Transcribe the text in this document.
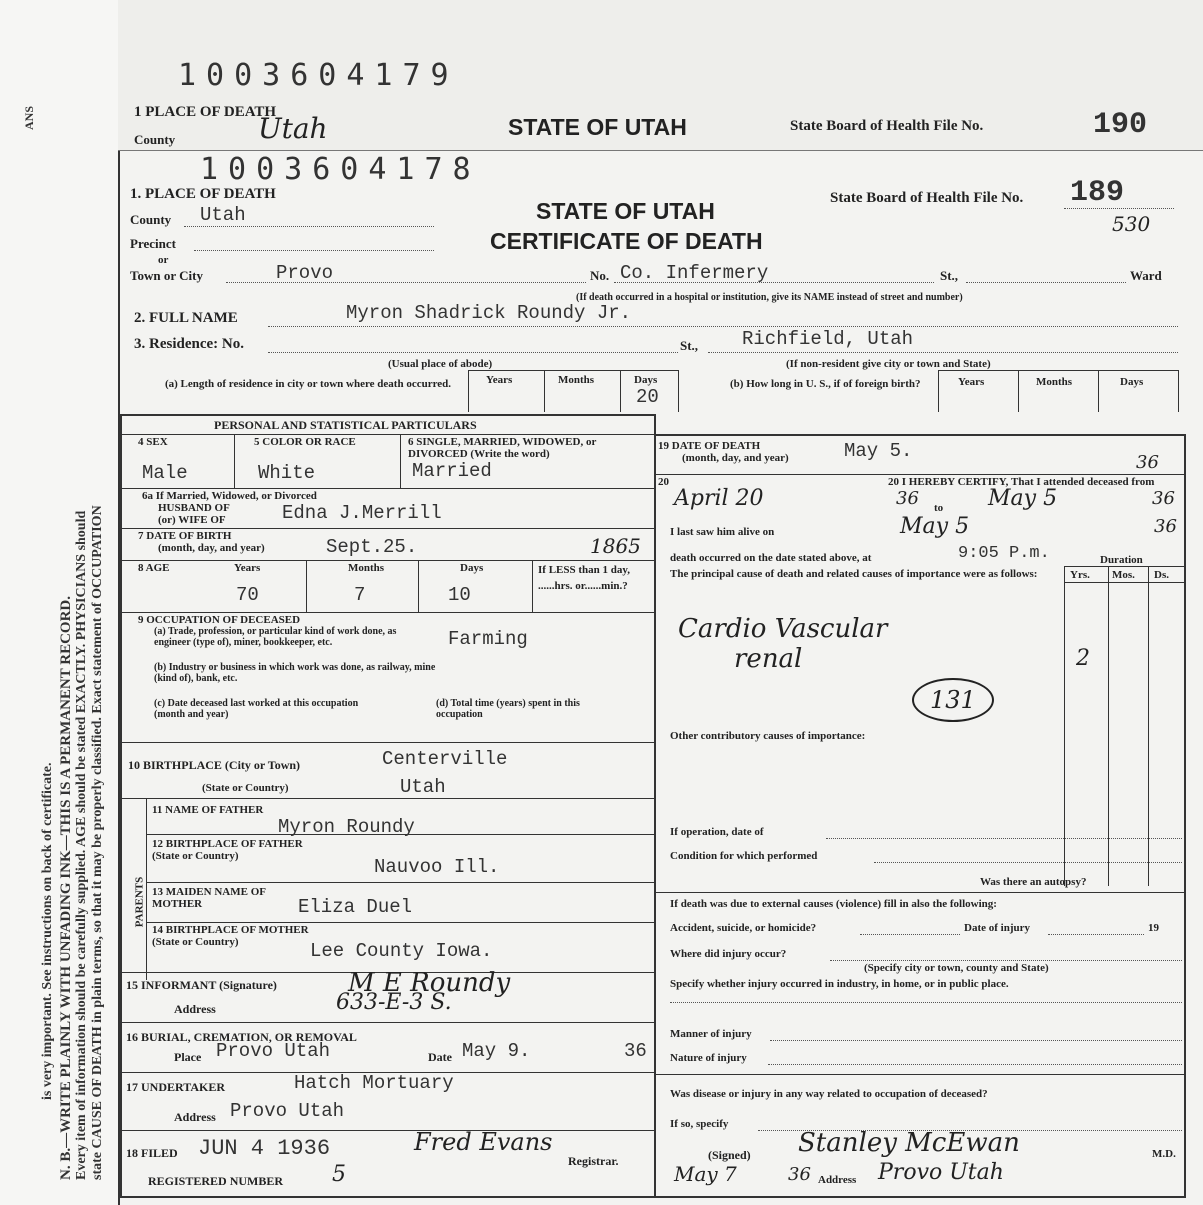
ANS
is very important. See instructions on back of certificate. N. B.—WRITE PLAINLY WITH UNFADING INK—THIS IS A PERMANENT RECORD. Every item of information should be carefully supplied. AGE should be stated EXACTLY. PHYSICIANS should state CAUSE OF DEATH in plain terms, so that it may be properly classified. Exact statement of OCCUPATION
1003604179
1 PLACE OF DEATH
County	Utah	STATE OF UTAH	State Board of Health File No.	190
1003604178
1. PLACE OF DEATH
County Utah
Precinct
or
Town or City	Provo	No. Co. Infermery	St.,	Ward
(If death occurred in a hospital or institution, give its NAME instead of street and number)
STATE OF UTAH
CERTIFICATE OF DEATH
State Board of Health File No. 189
530
2. FULL NAME	Myron Shadrick Roundy Jr.
3. Residence: No.	St., Richfield, Utah
(Usual place of abode)	(If non-resident give city or town and State)
(a) Length of residence in city or town where death occurred.	Years	Months	Days
20
(b) How long in U. S., if of foreign birth?	Years	Months	Days
PERSONAL AND STATISTICAL PARTICULARS
4 SEX
Male
5 COLOR OR RACE
White
6 SINGLE, MARRIED, WIDOWED, or DIVORCED (Write the word)
Married
6a If Married, Widowed, or Divorced
HUSBAND OF
(or) WIFE OF	Edna J.Merrill
7 DATE OF BIRTH
(month, day, and year)	Sept.25.	1865
8 AGE	Years	Months	Days
70	7	10
If LESS than 1 day, ......hrs. or......min.?
9 OCCUPATION OF DECEASED
(a) Trade, profession, or particular kind of work done, as engineer (type of), miner, bookkeeper, etc.	Farming
(b) Industry or business in which work was done, as railway, mine (kind of), bank, etc.
(c) Date deceased last worked at this occupation (month and year)
(d) Total time (years) spent in this occupation
10 BIRTHPLACE (City or Town)	Centerville
(State or Country)	Utah
PARENTS
11 NAME OF FATHER
Myron Roundy
12 BIRTHPLACE OF FATHER (State or Country)	Nauvoo Ill.
13 MAIDEN NAME OF MOTHER	Eliza Duel
14 BIRTHPLACE OF MOTHER (State or Country)	Lee County Iowa.
15 INFORMANT (Signature)	M E Roundy
Address	633-E-3 S.
16 BURIAL, CREMATION, OR REMOVAL
Place Provo Utah	Date May 9.	36
17 UNDERTAKER	Hatch Mortuary
Address Provo Utah
18 FILED JUN 4 1936	Fred Evans
Registrar.
REGISTERED NUMBER 5
19 DATE OF DEATH
(month, day, and year)	May 5.
36
20	20 I HEREBY CERTIFY, That I attended deceased from
April 20	36 to May 5	36
I last saw him alive on	May 5	36
death occurred on the date stated above, at	9:05 P.m.	Duration
The principal cause of death and related causes of importance were as follows:	Yrs. Mos. Ds.
Cardio Vascular
renal	2
131
Other contributory causes of importance:
If operation, date of
Condition for which performed
Was there an autopsy?
If death was due to external causes (violence) fill in also the following:
Accident, suicide, or homicide?	Date of injury	19
Where did injury occur?
(Specify city or town, county and State)
Specify whether injury occurred in industry, in home, or in public place.
Manner of injury
Nature of injury
Was disease or injury in any way related to occupation of deceased?
If so, specify
(Signed) Stanley McEwan	M.D.
May 7	36 Address Provo Utah
